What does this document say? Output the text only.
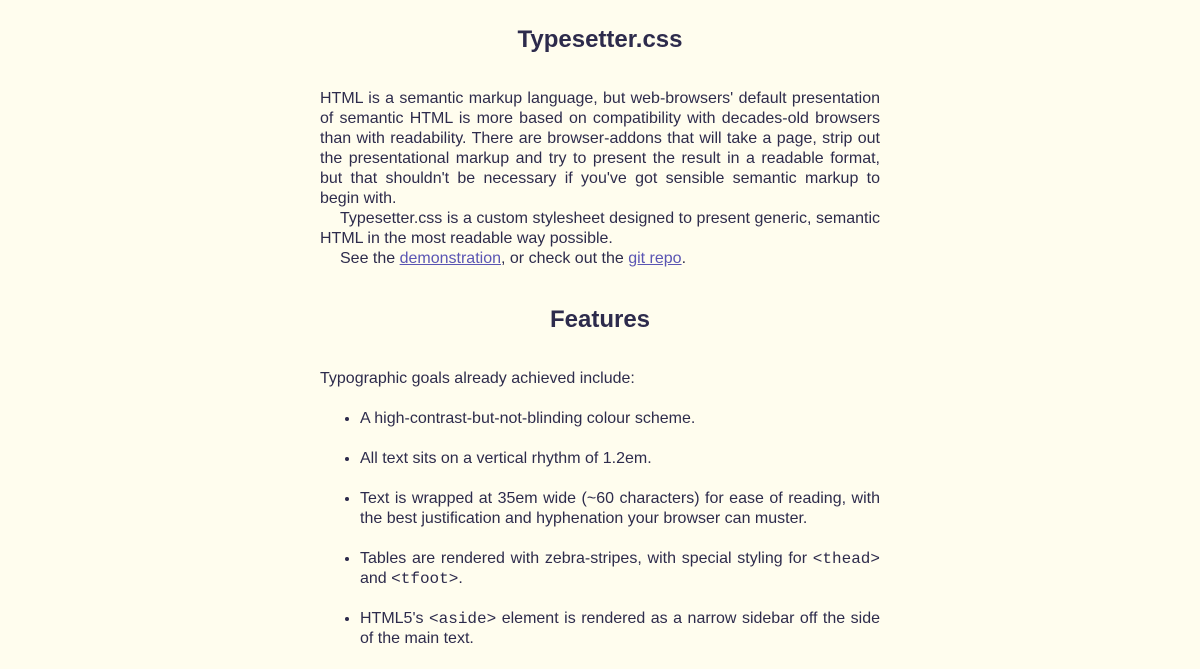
Typesetter.css

HTML is a semantic markup language, but web-browsers' default presentation of semantic HTML is more based on compatibility with decades-old browsers than with readability. There are browser-addons that will take a page, strip out the presentational markup and try to present the result in a readable format, but that shouldn't be necessary if you've got sensible semantic markup to begin with.

Typesetter.css is a custom stylesheet designed to present generic, semantic HTML in the most readable way possible.

See the demonstration, or check out the git repo.

Features

Typographic goals already achieved include:

• A high-contrast-but-not-blinding colour scheme.
• All text sits on a vertical rhythm of 1.2em.
• Text is wrapped at 35em wide (~60 characters) for ease of reading, with the best justification and hyphenation your browser can muster.
• Tables are rendered with zebra-stripes, with special styling for <thead> and <tfoot>.
• HTML5's <aside> element is rendered as a narrow sidebar off the side of the main text.
